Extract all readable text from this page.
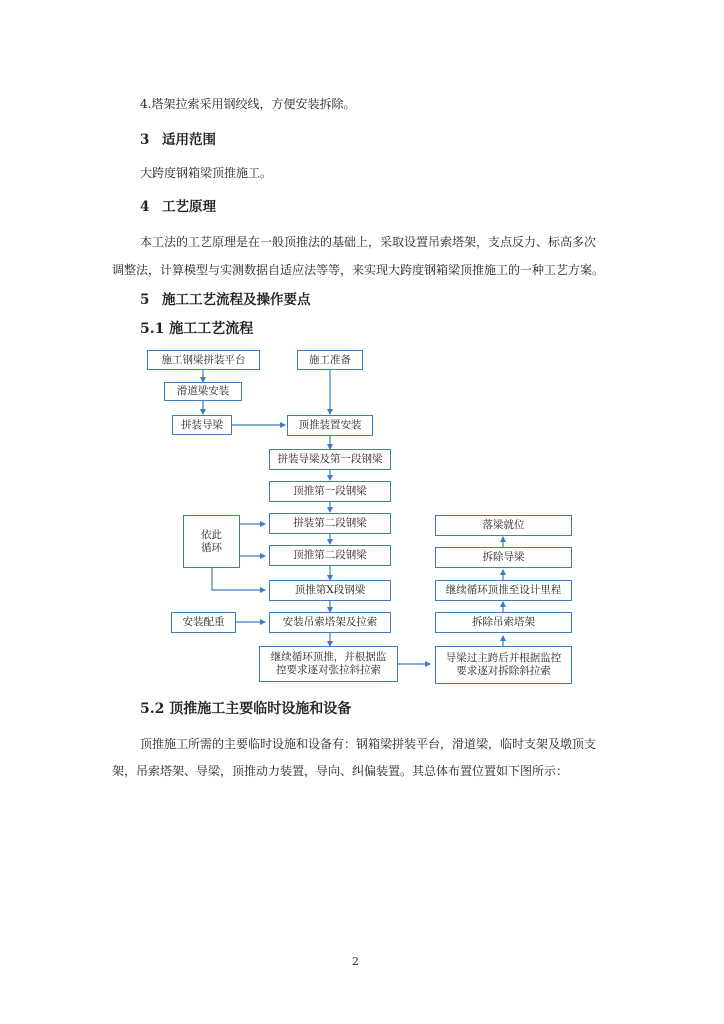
4.塔架拉索采用钢绞线，方便安装拆除。
3 适用范围
大跨度钢箱梁顶推施工。
4 工艺原理
本工法的工艺原理是在一般顶推法的基础上，采取设置吊索塔架，支点反力、标高多次
调整法，计算模型与实测数据自适应法等等，来实现大跨度钢箱梁顶推施工的一种工艺方案。
5 施工工艺流程及操作要点
5.1 施工工艺流程
施工钢梁拼装平台	施工准备
滑道梁安装
拼装导梁	顶推装置安装
拼装导梁及第一段钢梁
顶推第一段钢梁
拼装第二段钢梁
顶推第二段钢梁
顶推第X段钢梁
安装吊索塔架及拉索
继续循环顶推，并根据监
控要求逐对张拉斜拉索
依此
循环
安装配重
落梁就位
拆除导梁
继续循环顶推至设计里程
拆除吊索塔架
导梁过主跨后并根据监控
要求逐对拆除斜拉索
5.2 顶推施工主要临时设施和设备
顶推施工所需的主要临时设施和设备有：钢箱梁拼装平台，滑道梁，临时支架及墩顶支
架，吊索塔架、导梁，顶推动力装置，导向、纠偏装置。其总体布置位置如下图所示：
2
